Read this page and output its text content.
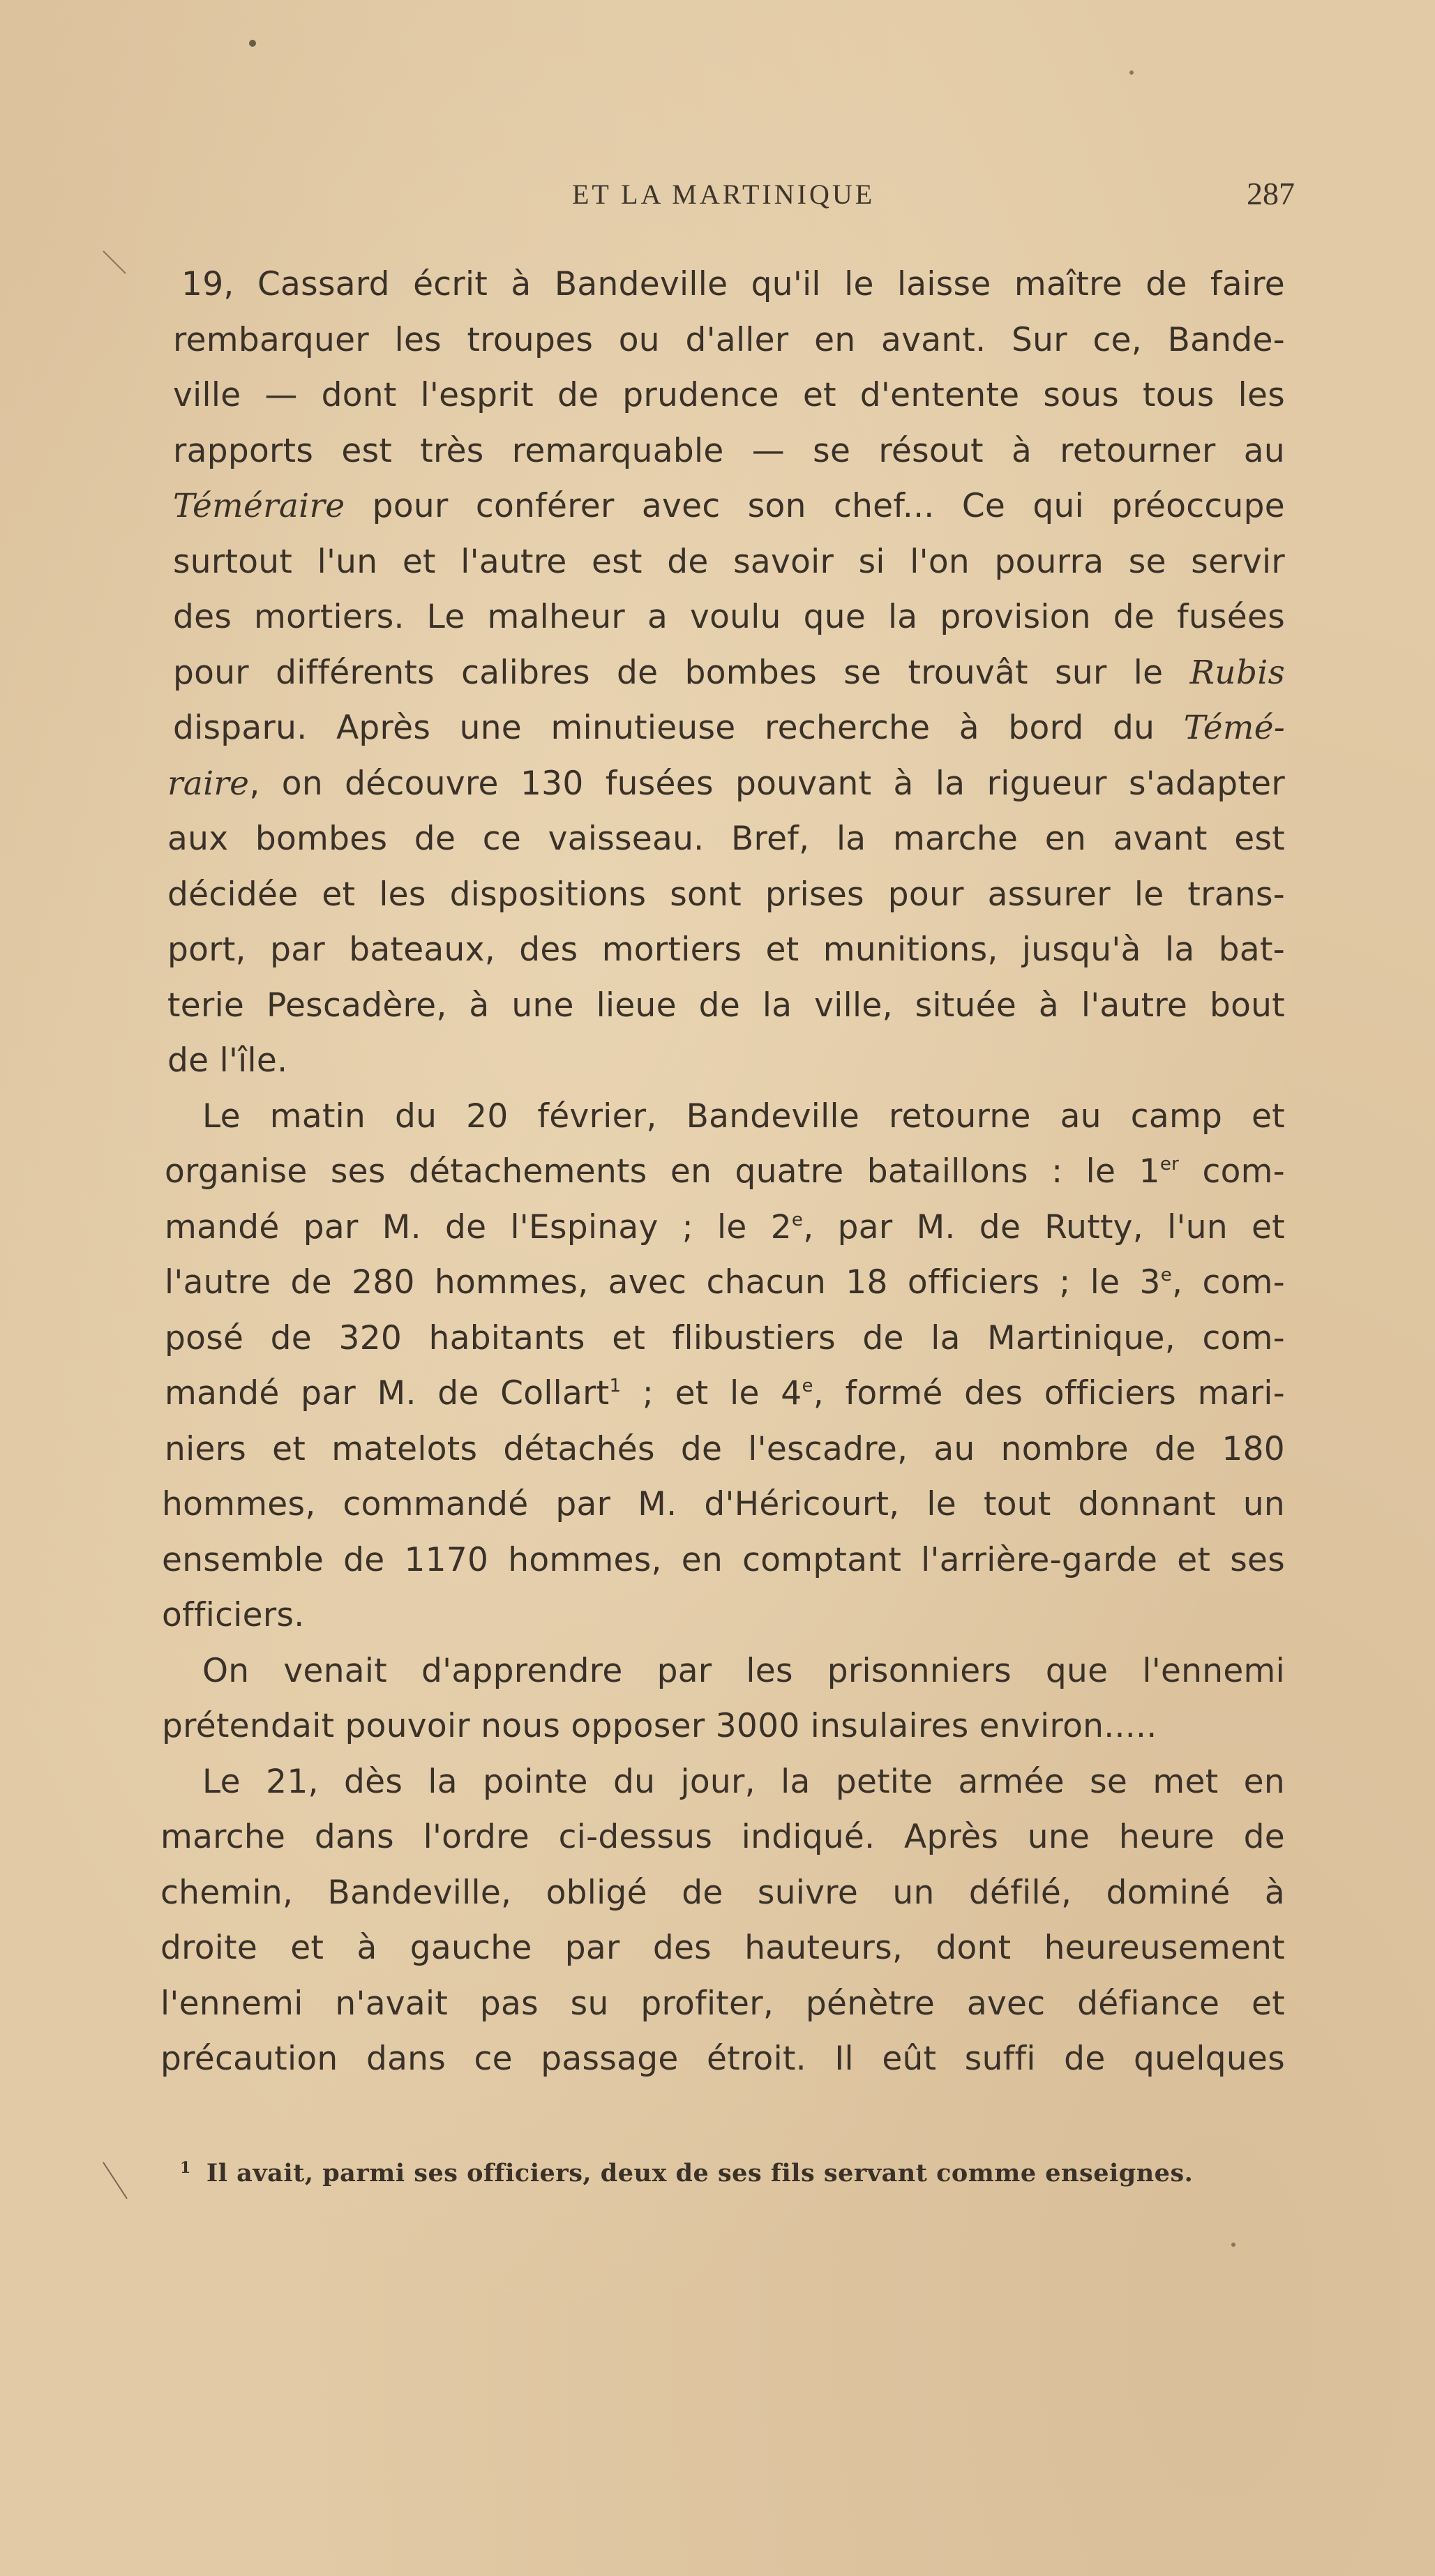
ET LA MARTINIQUE	287
19, Cassard écrit à Bandeville qu'il le laisse maître de faire
rembarquer les troupes ou d'aller en avant. Sur ce, Bande-
ville — dont l'esprit de prudence et d'entente sous tous les
rapports est très remarquable — se résout à retourner au
Téméraire pour conférer avec son chef... Ce qui préoccupe
surtout l'un et l'autre est de savoir si l'on pourra se servir
des mortiers. Le malheur a voulu que la provision de fusées
pour différents calibres de bombes se trouvât sur le Rubis
disparu. Après une minutieuse recherche à bord du Témé-
raire, on découvre 130 fusées pouvant à la rigueur s'adapter
aux bombes de ce vaisseau. Bref, la marche en avant est
décidée et les dispositions sont prises pour assurer le trans-
port, par bateaux, des mortiers et munitions, jusqu'à la bat-
terie Pescadère, à une lieue de la ville, située à l'autre bout
de l'île.
Le matin du 20 février, Bandeville retourne au camp et
organise ses détachements en quatre bataillons : le 1er com-
mandé par M. de l'Espinay ; le 2e, par M. de Rutty, l'un et
l'autre de 280 hommes, avec chacun 18 officiers ; le 3e, com-
posé de 320 habitants et flibustiers de la Martinique, com-
mandé par M. de Collart$^1$ ; et le 4e, formé des officiers mari-
niers et matelots détachés de l'escadre, au nombre de 180
hommes, commandé par M. d'Héricourt, le tout donnant un
ensemble de 1170 hommes, en comptant l'arrière-garde et ses
officiers.
On venait d'apprendre par les prisonniers que l'ennemi
prétendait pouvoir nous opposer 3000 insulaires environ.....
Le 21, dès la pointe du jour, la petite armée se met en
marche dans l'ordre ci-dessus indiqué. Après une heure de
chemin, Bandeville, obligé de suivre un défilé, dominé à
droite et à gauche par des hauteurs, dont heureusement
l'ennemi n'avait pas su profiter, pénètre avec défiance et
précaution dans ce passage étroit. Il eût suffi de quelques
$^1$ Il avait, parmi ses officiers, deux de ses fils servant comme enseignes.
